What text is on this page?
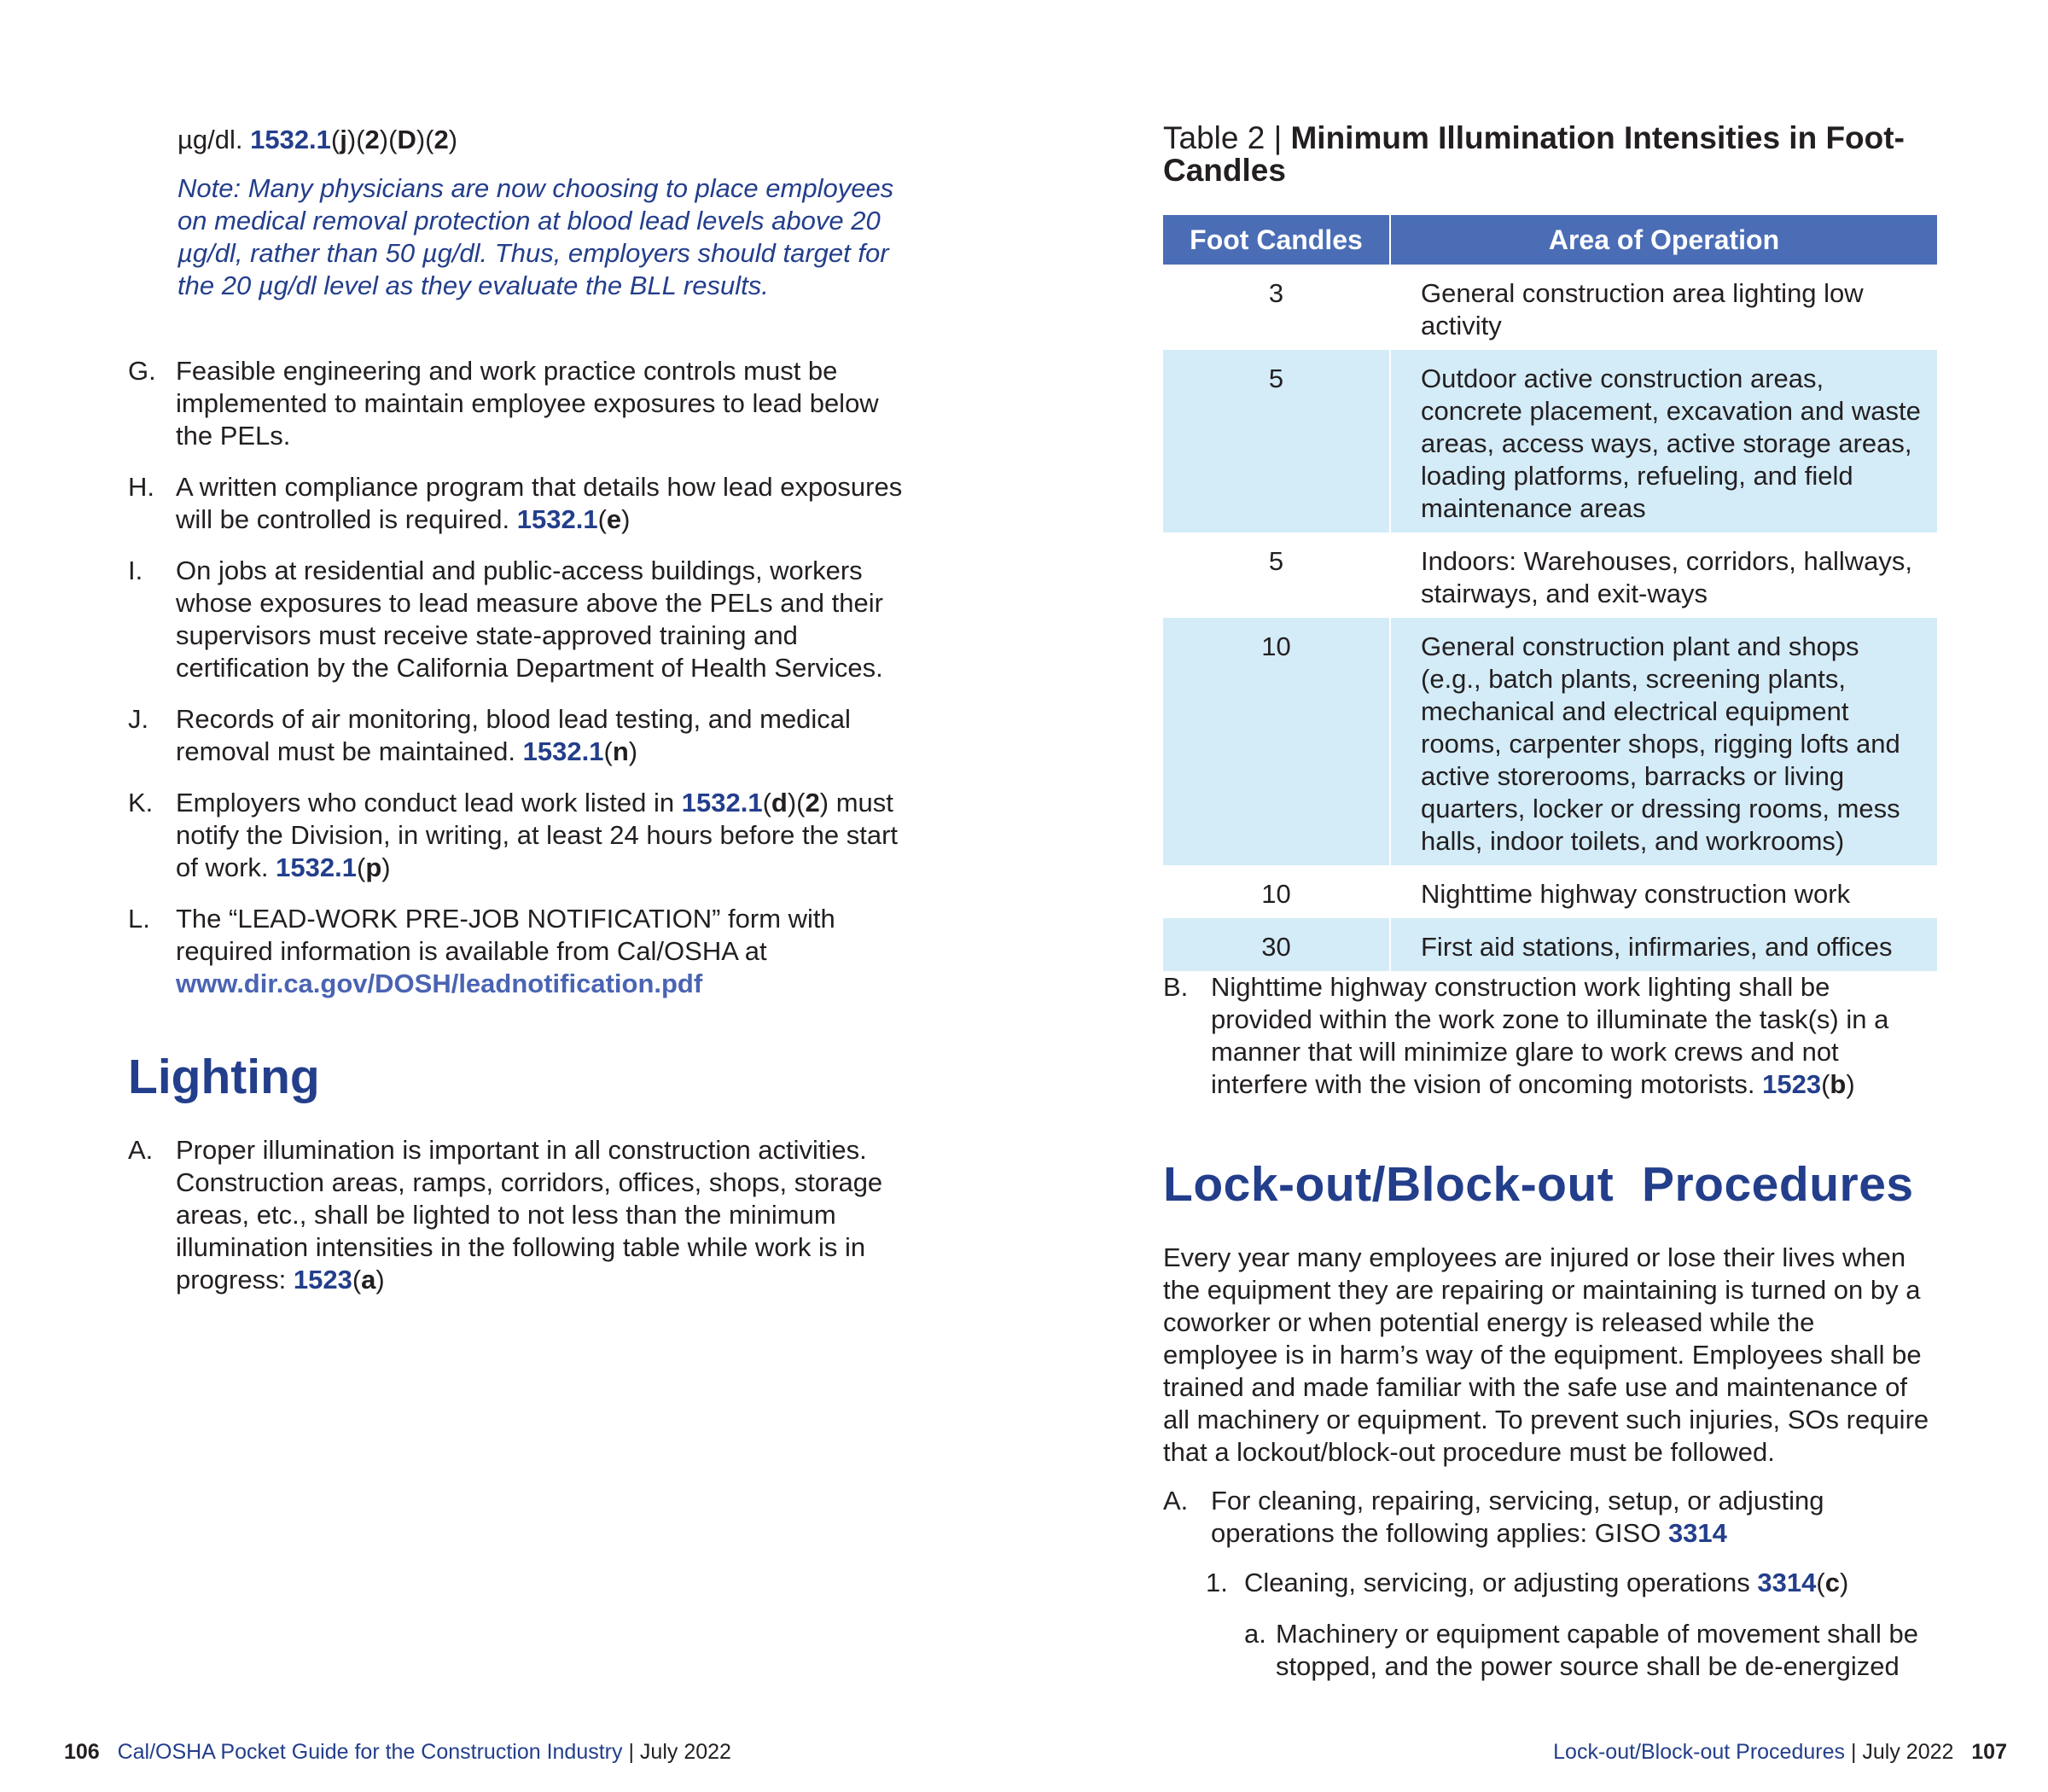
µg/dl. 1532.1(j)(2)(D)(2)
Note: Many physicians are now choosing to place employees on medical removal protection at blood lead levels above 20 µg/dl, rather than 50 µg/dl. Thus, employers should target for the 20 µg/dl level as they evaluate the BLL results.
G. Feasible engineering and work practice controls must be implemented to maintain employee exposures to lead below the PELs.
H. A written compliance program that details how lead exposures will be controlled is required. 1532.1(e)
I. On jobs at residential and public-access buildings, workers whose exposures to lead measure above the PELs and their supervisors must receive state-approved training and certification by the California Department of Health Services.
J. Records of air monitoring, blood lead testing, and medical removal must be maintained. 1532.1(n)
K. Employers who conduct lead work listed in 1532.1(d)(2) must notify the Division, in writing, at least 24 hours before the start of work. 1532.1(p)
L. The “LEAD-WORK PRE-JOB NOTIFICATION” form with required information is available from Cal/OSHA at
www.dir.ca.gov/DOSH/leadnotification.pdf
Lighting
A. Proper illumination is important in all construction activities. Construction areas, ramps, corridors, offices, shops, storage areas, etc., shall be lighted to not less than the minimum illumination intensities in the following table while work is in progress: 1523(a)
106 Cal/OSHA Pocket Guide for the Construction Industry | July 2022
Table 2 | Minimum Illumination Intensities in Foot-Candles
Foot Candles	Area of Operation
3	General construction area lighting low activity
5	Outdoor active construction areas, concrete placement, excavation and waste areas, access ways, active storage areas, loading platforms, refueling, and field maintenance areas
5	Indoors: Warehouses, corridors, hallways, stairways, and exit-ways
10	General construction plant and shops (e.g., batch plants, screening plants, mechanical and electrical equipment rooms, carpenter shops, rigging lofts and active storerooms, barracks or living quarters, locker or dressing rooms, mess halls, indoor toilets, and workrooms)
10	Nighttime highway construction work
30	First aid stations, infirmaries, and offices
B. Nighttime highway construction work lighting shall be provided within the work zone to illuminate the task(s) in a manner that will minimize glare to work crews and not interfere with the vision of oncoming motorists. 1523(b)
Lock-out/Block-out  Procedures
Every year many employees are injured or lose their lives when the equipment they are repairing or maintaining is turned on by a coworker or when potential energy is released while the employee is in harm’s way of the equipment. Employees shall be trained and made familiar with the safe use and maintenance of all machinery or equipment. To prevent such injuries, SOs require that a lockout/block-out procedure must be followed.
A. For cleaning, repairing, servicing, setup, or adjusting operations the following applies: GISO 3314
1. Cleaning, servicing, or adjusting operations 3314(c)
a. Machinery or equipment capable of movement shall be stopped, and the power source shall be de-energized
Lock-out/Block-out Procedures | July 2022 107
